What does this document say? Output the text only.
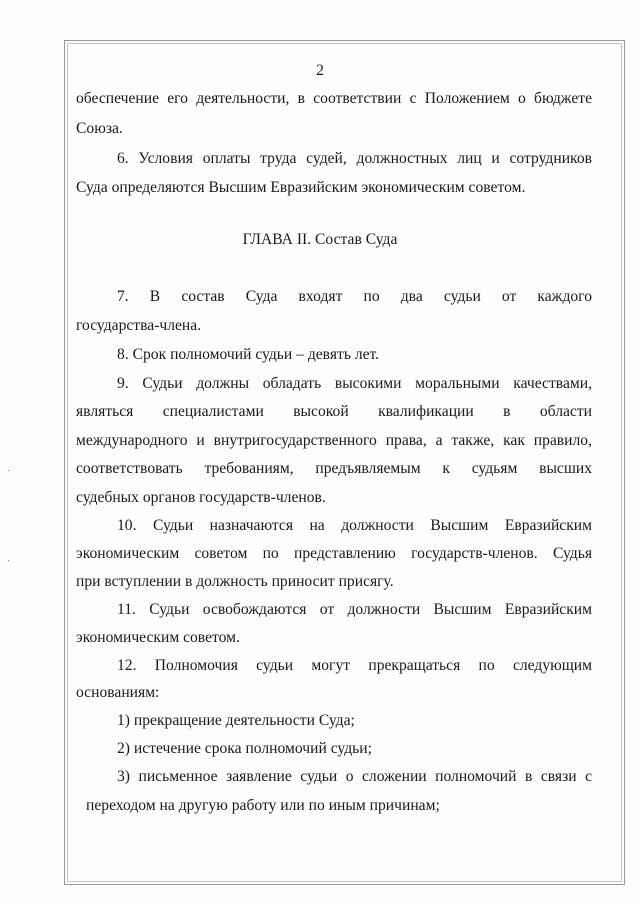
2
обеспечение его деятельности, в соответствии с Положением о бюджете
Союза.
6. Условия оплаты труда судей, должностных лиц и сотрудников
Суда определяются Высшим Евразийским экономическим советом.
ГЛАВА II. Состав Суда
7. В состав Суда входят по два судьи от каждого
государства-члена.
8. Срок полномочий судьи – девять лет.
9. Судьи должны обладать высокими моральными качествами,
являться специалистами высокой квалификации в области
международного и внутригосударственного права, а также, как правило,
соответствовать требованиям, предъявляемым к судьям высших
судебных органов государств-членов.
10. Судьи назначаются на должности Высшим Евразийским
экономическим советом по представлению государств-членов. Судья
при вступлении в должность приносит присягу.
11. Судьи освобождаются от должности Высшим Евразийским
экономическим советом.
12. Полномочия судьи могут прекращаться по следующим
основаниям:
1) прекращение деятельности Суда;
2) истечение срока полномочий судьи;
3) письменное заявление судьи о сложении полномочий в связи с
переходом на другую работу или по иным причинам;
